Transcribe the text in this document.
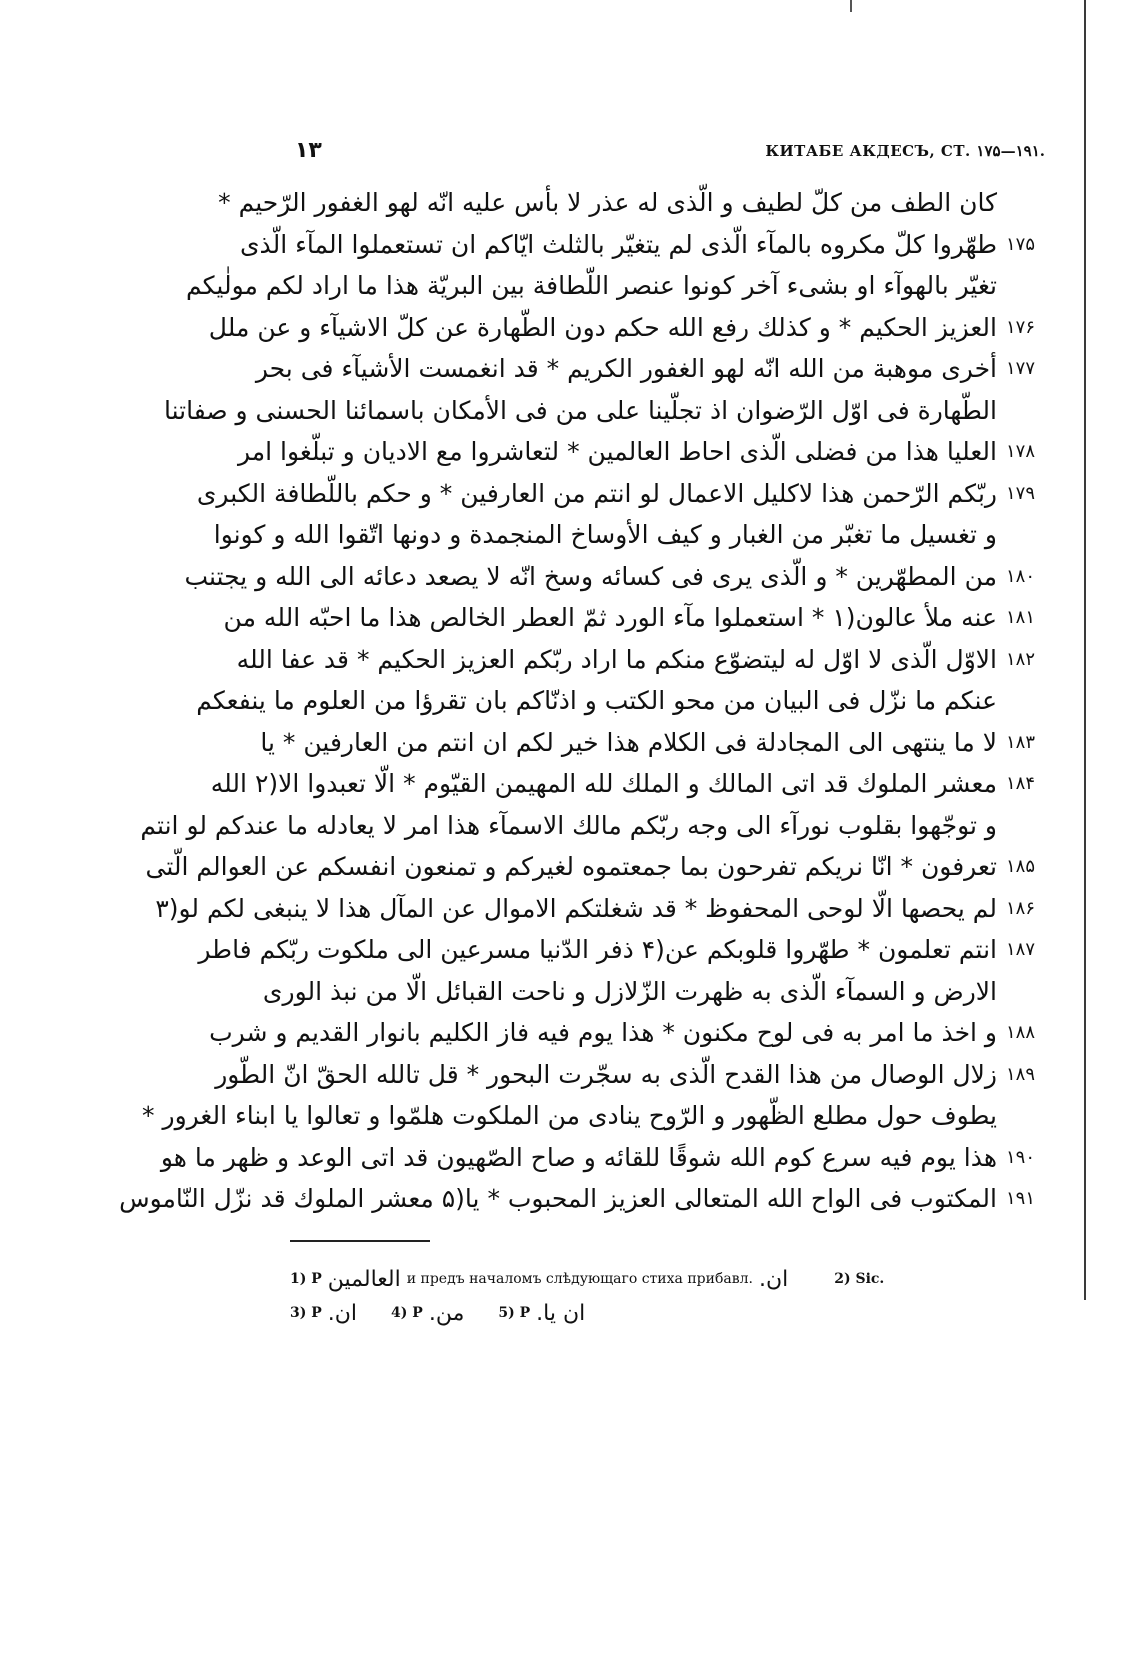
۱۳	КИТАБЕ АКДЕСЪ, СТ. ۱۷۵—۱۹۱.
كان الطف من كلّ لطيف و الّذى له عذر لا بأس عليه انّه لهو الغفور الرّحيم *
۱۷۵
طهّروا كلّ مكروه بالمآء الّذى لم يتغيّر بالثلث ايّاكم ان تستعملوا المآء الّذى
تغيّر بالهوآء او بشىء آخر كونوا عنصر اللّطافة بين البريّة هذا ما اراد لكم مولٰيكم
۱۷۶
العزيز الحكيم * و كذلك رفع الله حكم دون الطّهارة عن كلّ الاشيآء و عن ملل
۱۷۷
أخرى موهبة من الله انّه لهو الغفور الكريم * قد انغمست الأشيآء فى بحر
الطّهارة فى اوّل الرّضوان اذ تجلّينا على من فى الأمكان باسمائنا الحسنى و صفاتنا
۱۷۸
العليا هذا من فضلى الّذى احاط العالمين * لتعاشروا مع الاديان و تبلّغوا امر
۱۷۹
ربّكم الرّحمن هذا لاكليل الاعمال لو انتم من العارفين * و حكم باللّطافة الكبرى
و تغسيل ما تغبّر من الغبار و كيف الأوساخ المنجمدة و دونها اتّقوا الله و كونوا
۱۸۰
من المطهّرين * و الّذى يرى فى كسائه وسخ انّه لا يصعد دعائه الى الله و يجتنب
۱۸۱
عنه ملأ عالون(۱ * استعملوا مآء الورد ثمّ العطر الخالص هذا ما احبّه الله من
۱۸۲
الاوّل الّذى لا اوّل له ليتضوّع منكم ما اراد ربّكم العزيز الحكيم * قد عفا الله
عنكم ما نزّل فى البيان من محو الكتب و اذنّاكم بان تقرؤا من العلوم ما ينفعكم
۱۸۳
لا ما ينتهى الى المجادلة فى الكلام هذا خير لكم ان انتم من العارفين * يا
۱۸۴
معشر الملوك قد اتى المالك و الملك لله المهيمن القيّوم * الّا تعبدوا الا(۲ الله
و توجّهوا بقلوب نورآء الى وجه ربّكم مالك الاسمآء هذا امر لا يعادله ما عندكم لو انتم
۱۸۵
تعرفون * انّا نريكم تفرحون بما جمعتموه لغيركم و تمنعون انفسكم عن العوالم الّتى
۱۸۶
لم يحصها الّا لوحى المحفوظ * قد شغلتكم الاموال عن المآل هذا لا ينبغى لكم لو(۳
۱۸۷
انتم تعلمون * طهّروا قلوبكم عن(۴ ذفر الدّنيا مسرعين الى ملكوت ربّكم فاطر
الارض و السمآء الّذى به ظهرت الزّلازل و ناحت القبائل الّا من نبذ الورى
۱۸۸
و اخذ ما امر به فى لوح مكنون * هذا يوم فيه فاز الكليم بانوار القديم و شرب
۱۸۹
زلال الوصال من هذا القدح الّذى به سجّرت البحور * قل تالله الحقّ انّ الطّور
يطوف حول مطلع الظّهور و الرّوح ينادى من الملكوت هلمّوا و تعالوا يا ابناء الغرور *
۱۹۰
هذا يوم فيه سرع كوم الله شوقًا للقائه و صاح الصّهيون قد اتى الوعد و ظهر ما هو
۱۹۱
المكتوب فى الواح الله المتعالى العزيز المحبوب * يا(۵ معشر الملوك قد نزّل النّاموس
1) P العالمين и предъ началомъ слѣдующаго стиха прибавл. ان.	2) Sic.
3) P ان. 4) P من. 5) P ان يا.
